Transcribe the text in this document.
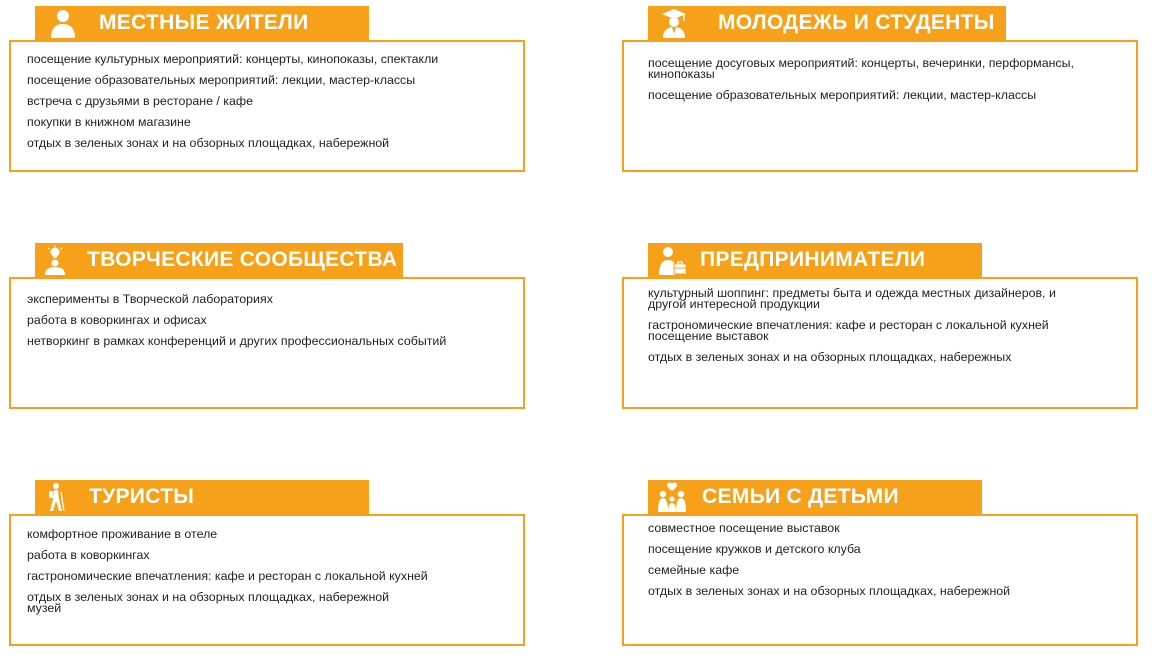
посещение культурных мероприятий: концерты, кинопоказы, спектакли
посещение образовательных мероприятий: лекции, мастер-классы
встреча с друзьями в ресторане / кафе
покупки в книжном магазине
отдых в зеленых зонах и на обзорных площадках, набережной
МЕСТНЫЕ ЖИТЕЛИ
посещение досуговых мероприятий: концерты, вечеринки, перформансы, кинопоказы
посещение образовательных мероприятий: лекции, мастер-классы
МОЛОДЕЖЬ И СТУДЕНТЫ
эксперименты в Творческой лабораториях
работа в коворкингах и офисах
нетворкинг в рамках конференций и других профессиональных событий
ТВОРЧЕСКИЕ СООБЩЕСТВА
культурный шоппинг: предметы быта и одежда местных дизайнеров, и другой интересной продукции
гастрономические впечатления: кафе и ресторан с локальной кухней посещение выставок
отдых в зеленых зонах и на обзорных площадках, набережных
ПРЕДПРИНИМАТЕЛИ
комфортное проживание в отеле
работа в коворкингах
гастрономические впечатления: кафе и ресторан с локальной кухней
отдых в зеленых зонах и на обзорных площадках, набережной музей
ТУРИСТЫ
совместное посещение выставок
посещение кружков и детского клуба
семейные кафе
отдых в зеленых зонах и на обзорных площадках, набережной
СЕМЬИ С ДЕТЬМИ
